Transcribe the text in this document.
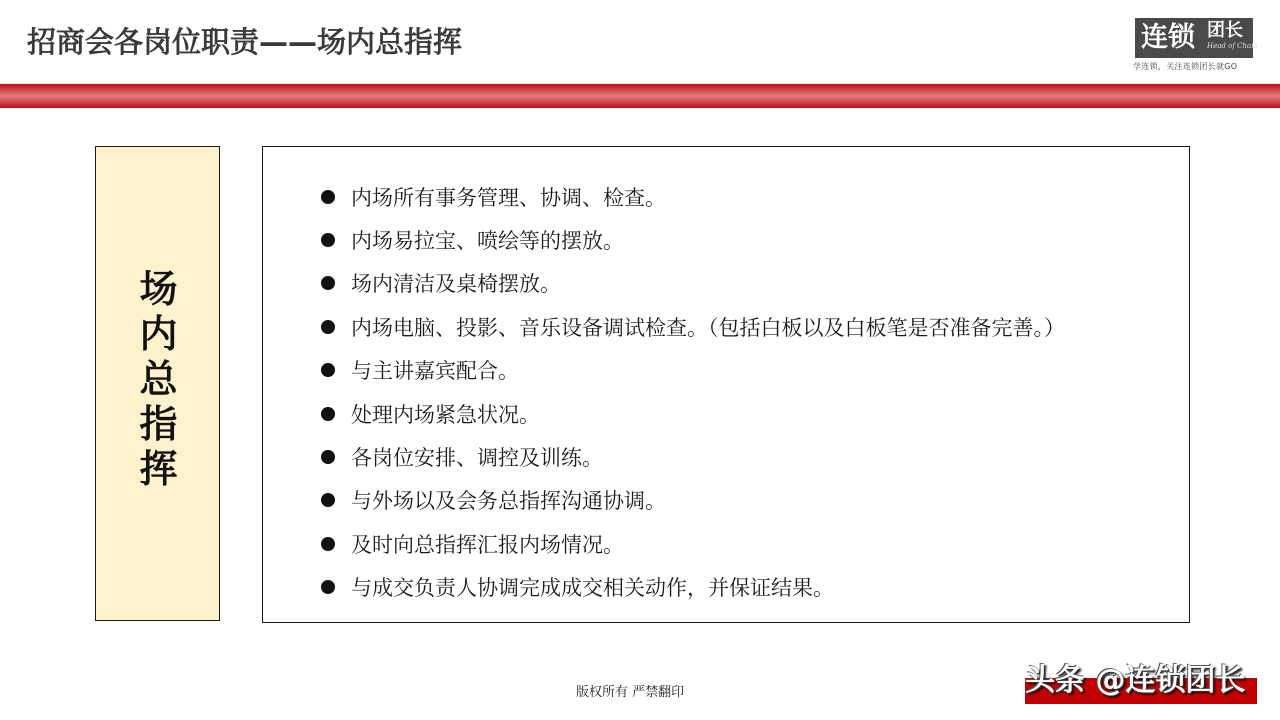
招商会各岗位职责——场内总指挥	连锁 团长
Head of Chain
学连锁，关注连锁团长就GO
场
内
总
指
挥
内场所有事务管理、协调、检查。
内场易拉宝、喷绘等的摆放。
场内清洁及桌椅摆放。
内场电脑、投影、音乐设备调试检查。（包括白板以及白板笔是否准备完善。）
与主讲嘉宾配合。
处理内场紧急状况。
各岗位安排、调控及训练。
与外场以及会务总指挥沟通协调。
及时向总指挥汇报内场情况。
与成交负责人协调完成成交相关动作，并保证结果。
版权所有 严禁翻印	头条 @连锁团长
